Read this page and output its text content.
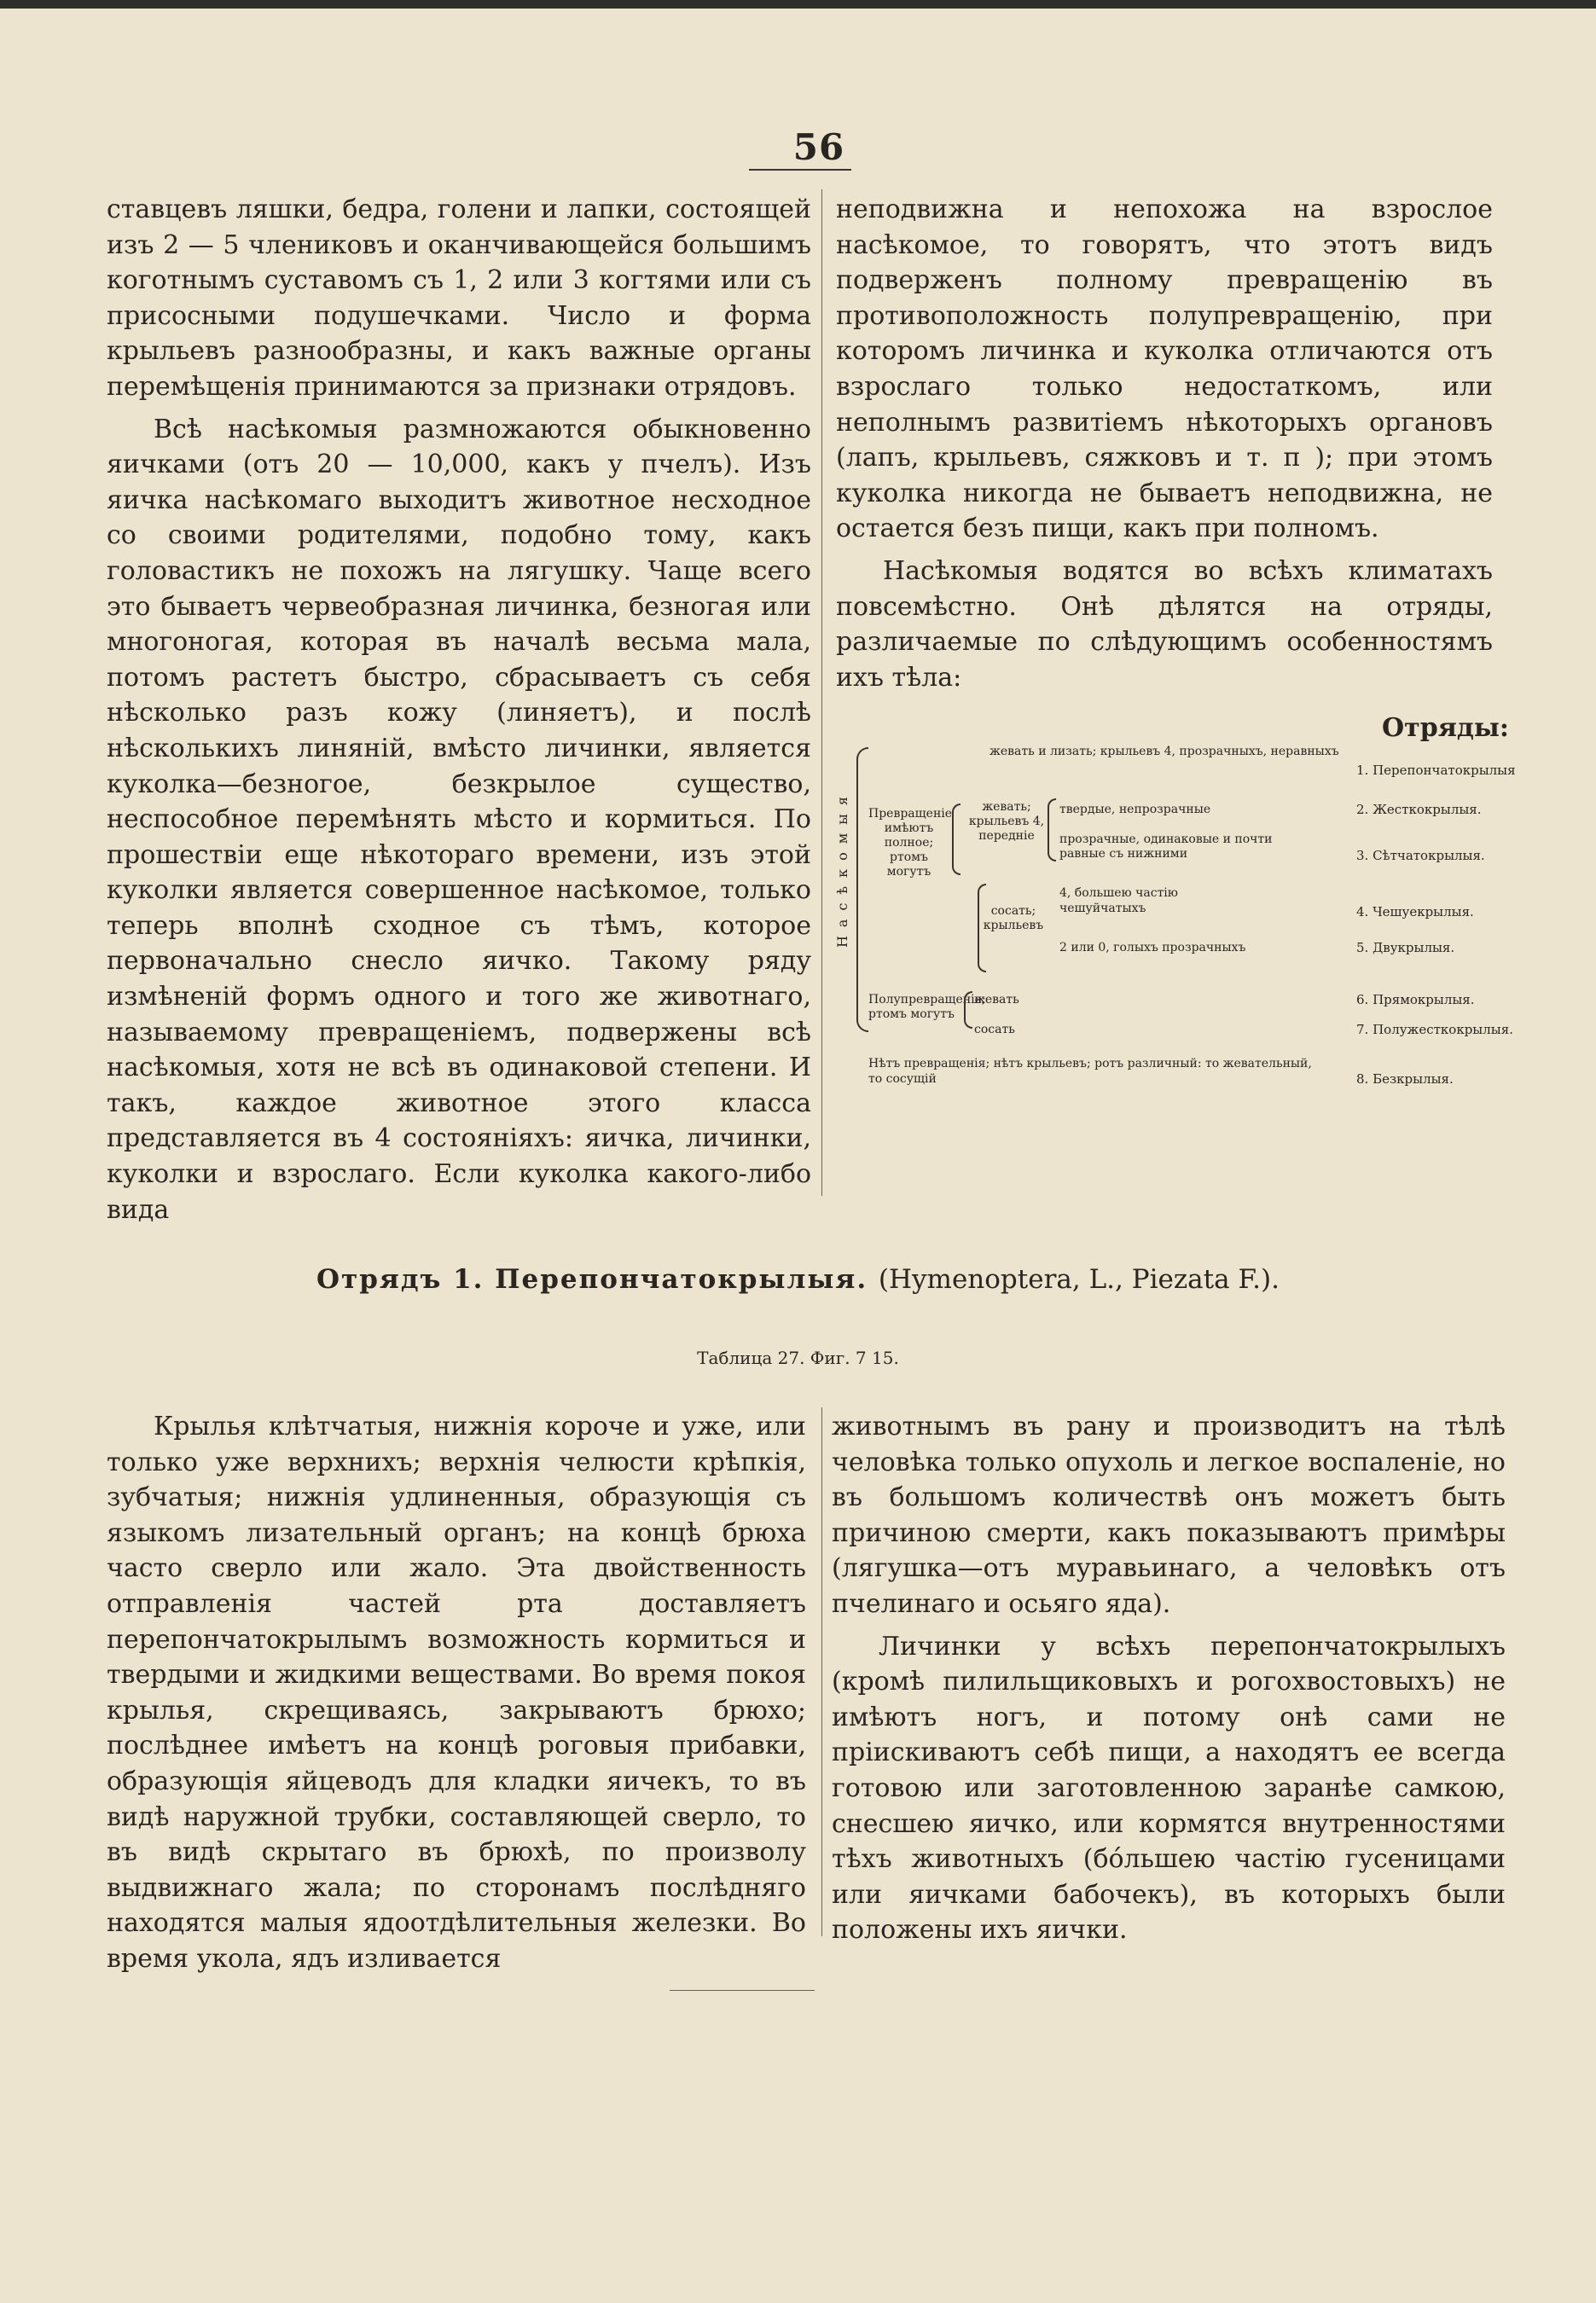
56

ставцевъ ляшки, бедра, голени и лапки, состоящей изъ 2 — 5 члениковъ и оканчивающейся большимъ коготнымъ суставомъ съ 1, 2 или 3 когтями или съ присосными подушечками. Число и форма крыльевъ разнообразны, и какъ важные органы перемѣщенія принимаются за признаки отрядовъ.

Всѣ насѣкомыя размножаются обыкновенно яичками (отъ 20 — 10,000, какъ у пчелъ). Изъ яичка насѣкомаго выходитъ животное несходное со своими родителями, подобно тому, какъ головастикъ не похожъ на лягушку. Чаще всего это бываетъ червеобразная личинка, безногая или многоногая, которая въ началѣ весьма мала, потомъ растетъ быстро, сбрасываетъ съ себя нѣсколько разъ кожу (линяетъ), и послѣ нѣсколькихъ линяній, вмѣсто личинки, является куколка—безногое, безкрылое существо, неспособное перемѣнять мѣсто и кормиться. По прошествіи еще нѣкотораго времени, изъ этой куколки является совершенное насѣкомое, только теперь вполнѣ сходное съ тѣмъ, которое первоначально снесло яичко. Такому ряду измѣненій формъ одного и того же животнаго, называемому превращеніемъ, подвержены всѣ насѣкомыя, хотя не всѣ въ одинаковой степени. И такъ, каждое животное этого класса представляется въ 4 состояніяхъ: яичка, личинки, куколки и взрослаго. Если куколка какого-либо вида

неподвижна и непохожа на взрослое насѣкомое, то говорятъ, что этотъ видъ подверженъ полному превращенію въ противоположность полупревращенію, при которомъ личинка и куколка отличаются отъ взрослаго только недостаткомъ, или неполнымъ развитіемъ нѣкоторыхъ органовъ (лапъ, крыльевъ, сяжковъ и т. п ); при этомъ куколка никогда не бываетъ неподвижна, не остается безъ пищи, какъ при полномъ.

Насѣкомыя водятся во всѣхъ климатахъ повсемѣстно. Онѣ дѣлятся на отряды, различаемые по слѣдующимъ особенностямъ ихъ тѣла:

Отряды:
Насѣкомыя Превращеніе имѣютъ полное; ртомъ могутъ
жевать и лизать; крыльевъ 4, прозрачныхъ, неравныхъ
жевать;
крыльевъ 4, передніе
твердые, непрозрачные
прозрачные, одинаковые и почти равные съ нижними
сосать; крыльевъ
4, большею частію чешуйчатыхъ
2 или 0, голыхъ прозрачныхъ
Полупревращеніе; ртомъ могутъ
жевать
сосать
Нѣтъ превращенія; нѣтъ крыльевъ; ротъ различный: то жевательный, то сосущій
1. Перепончатокрылыя
2. Жесткокрылыя.
3. Сѣтчатокрылыя.
4. Чешуекрылыя.
5. Двукрылыя.
6. Прямокрылыя.
7. Полужесткокрылыя.
8. Безкрылыя.
Отрядъ 1. Перепончатокрылыя. (Hymenoptera, L., Piezata F.).
Таблица 27. Фиг. 7 15.

Крылья клѣтчатыя, нижнія короче и уже, или только уже верхнихъ; верхнія челюсти крѣпкія, зубчатыя; нижнія удлиненныя, образующія съ языкомъ лизательный органъ; на концѣ брюха часто сверло или жало. Эта двойственность отправленія частей рта доставляетъ перепончатокрылымъ возможность кормиться и твердыми и жидкими веществами. Во время покоя крылья, скрещиваясь, закрываютъ брюхо; послѣднее имѣетъ на концѣ роговыя прибавки, образующія яйцеводъ для кладки яичекъ, то въ видѣ наружной трубки, составляющей сверло, то въ видѣ скрытаго въ брюхѣ, по произволу выдвижнаго жала; по сторонамъ послѣдняго находятся малыя ядоотдѣлительныя железки. Во время укола, ядъ изливается

животнымъ въ рану и производитъ на тѣлѣ человѣка только опухоль и легкое воспаленіе, но въ большомъ количествѣ онъ можетъ быть причиною смерти, какъ показываютъ примѣры (лягушка—отъ муравьинаго, а человѣкъ отъ пчелинаго и осьяго яда).

Личинки у всѣхъ перепончатокрылыхъ (кромѣ пилильщиковыхъ и рогохвостовыхъ) не имѣютъ ногъ, и потому онѣ сами не пріискиваютъ себѣ пищи, а находятъ ее всегда готовою или заготовленною заранѣе самкою, снесшею яичко, или кормятся внутренностями тѣхъ животныхъ (бóльшею частію гусеницами или яичками бабочекъ), въ которыхъ были положены ихъ яички.
